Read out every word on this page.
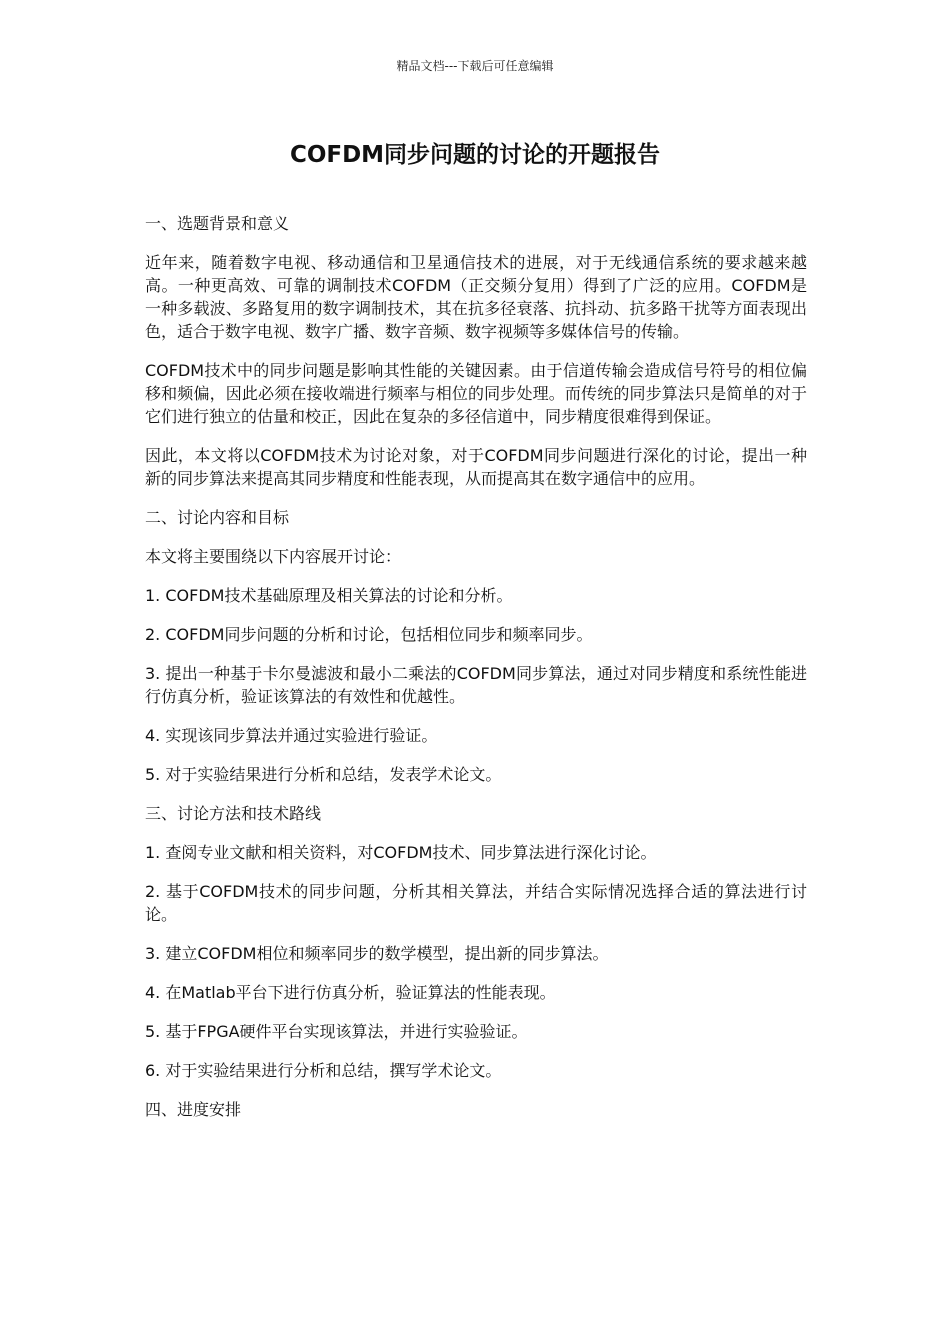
精品文档---下载后可任意编辑
COFDM同步问题的讨论的开题报告

一、选题背景和意义

近年来，随着数字电视、移动通信和卫星通信技术的进展，对于无线通信系统的要求越来越高。一种更高效、可靠的调制技术COFDM（正交频分复用）得到了广泛的应用。COFDM是一种多载波、多路复用的数字调制技术，其在抗多径衰落、抗抖动、抗多路干扰等方面表现出色，适合于数字电视、数字广播、数字音频、数字视频等多媒体信号的传输。

COFDM技术中的同步问题是影响其性能的关键因素。由于信道传输会造成信号符号的相位偏移和频偏，因此必须在接收端进行频率与相位的同步处理。而传统的同步算法只是简单的对于它们进行独立的估量和校正，因此在复杂的多径信道中，同步精度很难得到保证。

因此，本文将以COFDM技术为讨论对象，对于COFDM同步问题进行深化的讨论，提出一种新的同步算法来提高其同步精度和性能表现，从而提高其在数字通信中的应用。

二、讨论内容和目标

本文将主要围绕以下内容展开讨论：

1. COFDM技术基础原理及相关算法的讨论和分析。

2. COFDM同步问题的分析和讨论，包括相位同步和频率同步。

3. 提出一种基于卡尔曼滤波和最小二乘法的COFDM同步算法，通过对同步精度和系统性能进行仿真分析，验证该算法的有效性和优越性。

4. 实现该同步算法并通过实验进行验证。

5. 对于实验结果进行分析和总结，发表学术论文。

三、讨论方法和技术路线

1. 查阅专业文献和相关资料，对COFDM技术、同步算法进行深化讨论。

2. 基于COFDM技术的同步问题，分析其相关算法，并结合实际情况选择合适的算法进行讨论。

3. 建立COFDM相位和频率同步的数学模型，提出新的同步算法。

4. 在Matlab平台下进行仿真分析，验证算法的性能表现。

5. 基于FPGA硬件平台实现该算法，并进行实验验证。

6. 对于实验结果进行分析和总结，撰写学术论文。

四、进度安排
